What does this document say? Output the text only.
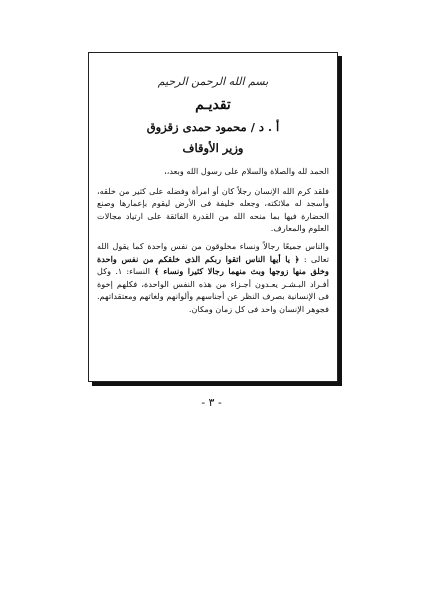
بسم الله الرحمن الرحيم
تقديـم
أ . د / محمود حمدى زقزوق
وزير الأوقاف

الحمد لله والصلاة والسلام على رسول الله وبعد،،

فلقد كرم الله الإنسان رجلاً كان أو امرأة وفضله على كثير من خلقه، وأسجد له ملائكته، وجعله خليفة فى الأرض ليقوم بإعمارها وصنع الحضارة فيها بما منحه الله من القدرة الفائقة على ارتياد مجالات العلوم والمعارف.

والناس جميعًا رجالاً ونساء مخلوقون من نفس واحدة كما يقول الله تعالى : ﴿ يا أيها الناس اتقوا ربكم الذى خلقكم من نفس واحدة وخلق منها زوجها وبث منهما رجالا كثيرا ونساء ﴾ النساء: ١. وكل أفـراد البـشـر يعـدون أجـزاء من هذه النفس الواحدة، فكلهم إخوة فى الإنسانية بصرف النظر عن أجناسهم وألوانهم ولغاتهم ومعتقداتهم. فجوهر الإنسان واحد فى كل زمان ومكان.

- ٣ -
